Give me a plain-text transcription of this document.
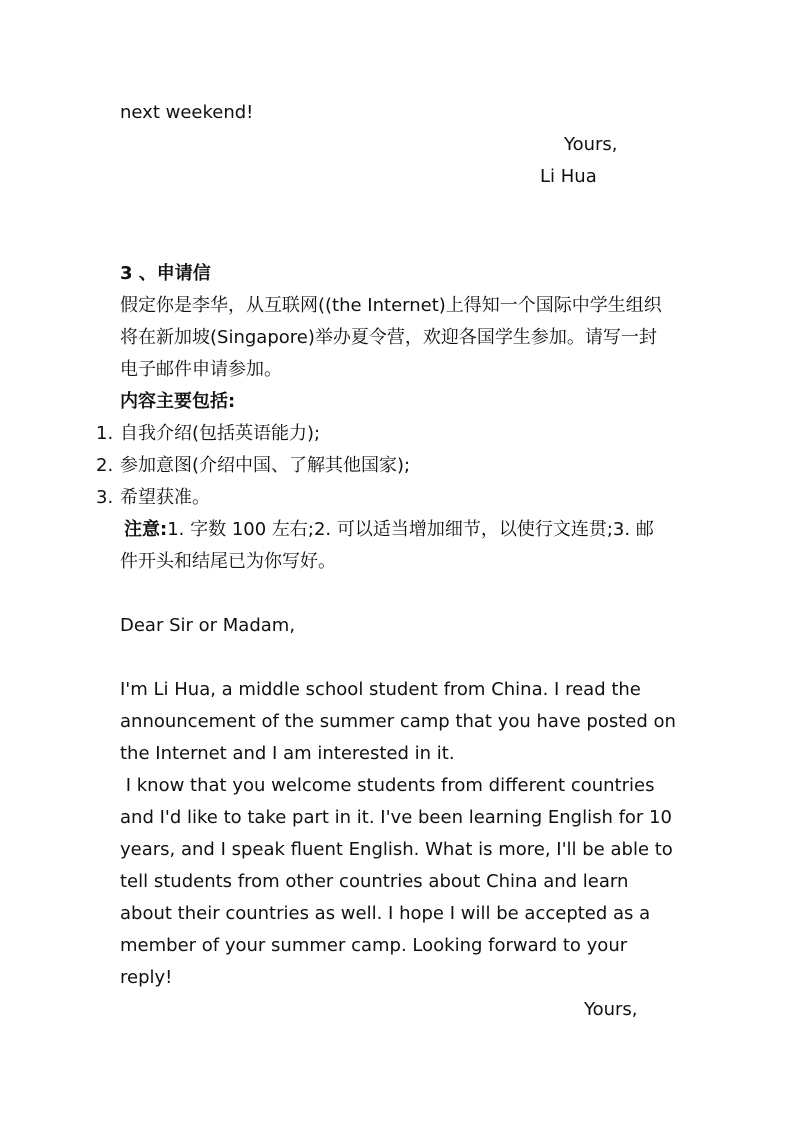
next weekend!
Yours,
Li Hua
3 、申请信
假定你是李华，从互联网((the Internet)上得知一个国际中学生组织
将在新加坡(Singapore)举办夏令营，欢迎各国学生参加。请写一封
电子邮件申请参加。
内容主要包括:
1. 自我介绍(包括英语能力);
2. 参加意图(介绍中国、了解其他国家);
3. 希望获准。
注意:1. 字数 100 左右;2. 可以适当增加细节，以使行文连贯;3. 邮
件开头和结尾已为你写好。
Dear Sir or Madam,
I'm Li Hua, a middle school student from China. I read the
announcement of the summer camp that you have posted on
the Internet and I am interested in it.
I know that you welcome students from different countries
and I'd like to take part in it. I've been learning English for 10
years, and I speak fluent English. What is more, I'll be able to
tell students from other countries about China and learn
about their countries as well. I hope I will be accepted as a
member of your summer camp. Looking forward to your
reply!
Yours,
